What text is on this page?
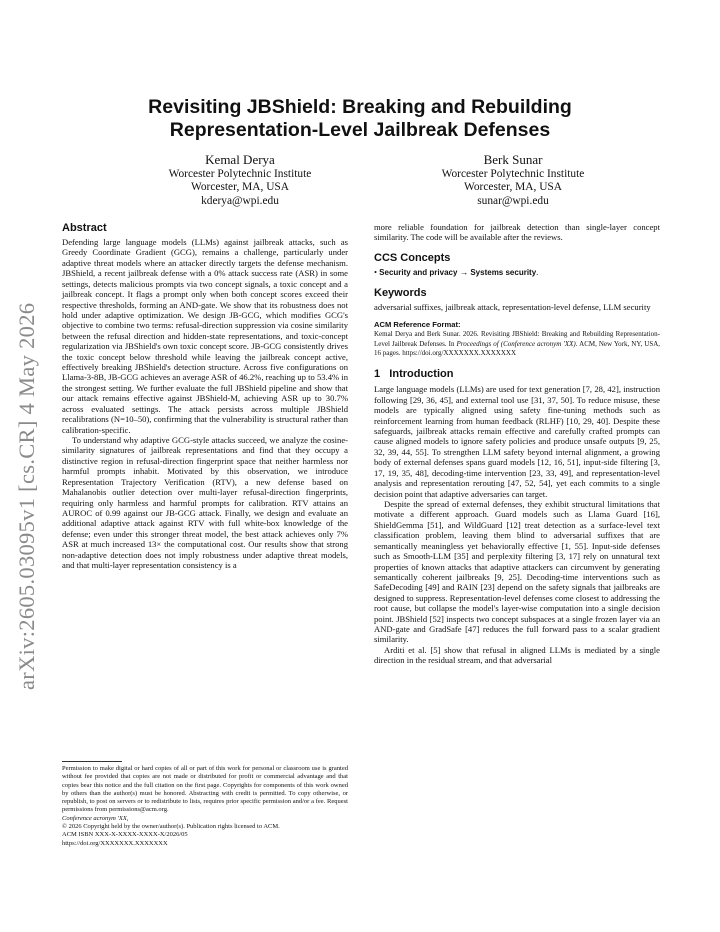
arXiv:2605.03095v1 [cs.CR] 4 May 2026
Revisiting JBShield: Breaking and Rebuilding
Representation-Level Jailbreak Defenses
Kemal Derya
Worcester Polytechnic Institute
Worcester, MA, USA
kderya@wpi.edu
Berk Sunar
Worcester Polytechnic Institute
Worcester, MA, USA
sunar@wpi.edu

Abstract

Defending large language models (LLMs) against jailbreak attacks, such as Greedy Coordinate Gradient (GCG), remains a challenge, particularly under adaptive threat models where an attacker directly targets the defense mechanism. JBShield, a recent jailbreak defense with a 0% attack success rate (ASR) in some settings, detects malicious prompts via two concept signals, a toxic concept and a jailbreak concept. It flags a prompt only when both concept scores exceed their respective thresholds, forming an AND-gate. We show that its robustness does not hold under adaptive optimization. We design JB-GCG, which modifies GCG's objective to combine two terms: refusal-direction suppression via cosine similarity between the refusal direction and hidden-state representations, and toxic-concept regularization via JBShield's own toxic concept score. JB-GCG consistently drives the toxic concept below threshold while leaving the jailbreak concept active, effectively breaking JBShield's detection structure. Across five configurations on Llama-3-8B, JB-GCG achieves an average ASR of 46.2%, reaching up to 53.4% in the strongest setting. We further evaluate the full JBShield pipeline and show that our attack remains effective against JBShield-M, achieving ASR up to 30.7% across evaluated settings. The attack persists across multiple JBShield recalibrations (N=10–50), confirming that the vulnerability is structural rather than calibration-specific.

To understand why adaptive GCG-style attacks succeed, we analyze the cosine-similarity signatures of jailbreak representations and find that they occupy a distinctive region in refusal-direction fingerprint space that neither harmless nor harmful prompts inhabit. Motivated by this observation, we introduce Representation Trajectory Verification (RTV), a new defense based on Mahalanobis outlier detection over multi-layer refusal-direction fingerprints, requiring only harmless and harmful prompts for calibration. RTV attains an AUROC of 0.99 against our JB-GCG attack. Finally, we design and evaluate an additional adaptive attack against RTV with full white-box knowledge of the defense; even under this stronger threat model, the best attack achieves only 7% ASR at much increased 13× the computational cost. Our results show that strong non-adaptive detection does not imply robustness under adaptive threat models, and that multi-layer representation consistency is a

Permission to make digital or hard copies of all or part of this work for personal or classroom use is granted without fee provided that copies are not made or distributed for profit or commercial advantage and that copies bear this notice and the full citation on the first page. Copyrights for components of this work owned by others than the author(s) must be honored. Abstracting with credit is permitted. To copy otherwise, or republish, to post on servers or to redistribute to lists, requires prior specific permission and/or a fee. Request permissions from permissions@acm.org.

Conference acronym 'XX,

© 2026 Copyright held by the owner/author(s). Publication rights licensed to ACM.

ACM ISBN XXX-X-XXXX-XXXX-X/2026/05

https://doi.org/XXXXXXX.XXXXXXX

more reliable foundation for jailbreak detection than single-layer concept similarity. The code will be available after the reviews.

CCS Concepts

• Security and privacy → Systems security.

Keywords

adversarial suffixes, jailbreak attack, representation-level defense, LLM security

ACM Reference Format:

Kemal Derya and Berk Sunar. 2026. Revisiting JBShield: Breaking and Rebuilding Representation-Level Jailbreak Defenses. In Proceedings of (Conference acronym 'XX). ACM, New York, NY, USA, 16 pages. https://doi.org/XXXXXXX.XXXXXXX

1 Introduction

Large language models (LLMs) are used for text generation [7, 28, 42], instruction following [29, 36, 45], and external tool use [31, 37, 50]. To reduce misuse, these models are typically aligned using safety fine-tuning methods such as reinforcement learning from human feedback (RLHF) [10, 29, 40]. Despite these safeguards, jailbreak attacks remain effective and carefully crafted prompts can cause aligned models to ignore safety policies and produce unsafe outputs [9, 25, 32, 39, 44, 55]. To strengthen LLM safety beyond internal alignment, a growing body of external defenses spans guard models [12, 16, 51], input-side filtering [3, 17, 19, 35, 48], decoding-time intervention [23, 33, 49], and representation-level analysis and representation rerouting [47, 52, 54], yet each commits to a single decision point that adaptive adversaries can target.

Despite the spread of external defenses, they exhibit structural limitations that motivate a different approach. Guard models such as Llama Guard [16], ShieldGemma [51], and WildGuard [12] treat detection as a surface-level text classification problem, leaving them blind to adversarial suffixes that are semantically meaningless yet behaviorally effective [1, 55]. Input-side defenses such as Smooth-LLM [35] and perplexity filtering [3, 17] rely on unnatural text properties of known attacks that adaptive attackers can circumvent by generating semantically coherent jailbreaks [9, 25]. Decoding-time interventions such as SafeDecoding [49] and RAIN [23] depend on the safety signals that jailbreaks are designed to suppress. Representation-level defenses come closest to addressing the root cause, but collapse the model's layer-wise computation into a single decision point. JBShield [52] inspects two concept subspaces at a single frozen layer via an AND-gate and GradSafe [47] reduces the full forward pass to a scalar gradient similarity.

Arditi et al. [5] show that refusal in aligned LLMs is mediated by a single direction in the residual stream, and that adversarial
